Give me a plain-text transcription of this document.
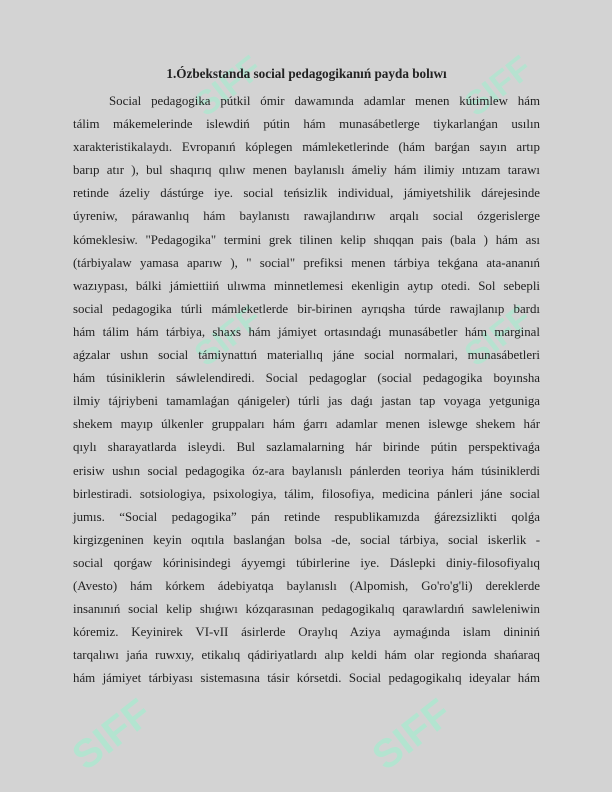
SIFF	SIFF
SIFF	SIFF
SIFF	SIFF
1.Ózbekstanda social pedagogikanıń payda bolıwı
Social pedagogika pútkil ómir dawamında adamlar menen kútimlew hám
tálim mákemelerinde islewdiń pútin hám munasábetlerge tiykarlanǵan usılın
xarakteristikalaydı. Evropanıń kóplegen mámleketlerinde (hám barǵan sayın artıp
barıp atır ), bul shaqırıq qılıw menen baylanıslı ámeliy hám ilimiy ıntızam tarawı
retinde ázeliy dástúrge iye. social teńsizlik individual, jámiyetshilik dárejesinde
úyreniw, párawanlıq hám baylanıstı rawajlandırıw arqalı social ózgerislerge
kómeklesiw. "Pedagogika" termini grek tilinen kelip shıqqan pais (bala ) hám ası
(tárbiyalaw yamasa aparıw ), " social" prefiksi menen tárbiya tekǵana ata-ananıń
wazıypası, bálki jámiettiiń ulıwma minnetlemesi ekenligin aytıp otedi. Sol sebepli
social pedagogika túrli mámleketlerde bir-birinen ayrıqsha túrde rawajlanıp bardı
hám tálim hám tárbiya, shaxs hám jámiyet ortasındaǵı munasábetler hám marginal
aǵzalar ushın social támiynattıń materiallıq jáne social normalari, munasábetleri
hám túsiniklerin sáwlelendiredi. Social pedagoglar (social pedagogika boyınsha
ilmiy tájriybeni tamamlaǵan qánigeler) túrli jas daǵı jastan tap voyaga yetguniga
shekem mayıp úlkenler gruppaları hám ǵarrı adamlar menen islewge shekem hár
qıylı sharayatlarda isleydi. Bul sazlamalarning hár birinde pútin perspektivaǵa
erisiw ushın social pedagogika óz-ara baylanıslı pánlerden teoriya hám túsiniklerdi
birlestiradi. sotsiologiya, psixologiya, tálim, filosofiya, medicina pánleri jáne social
jumıs. “Social pedagogika” pán retinde respublikamızda ǵárezsizlikti qolǵa
kirgizgeninen keyin oqıtıla baslanǵan bolsa -de, social tárbiya, social iskerlik -
social qorǵaw kórinisindegi áyyemgi túbirlerine iye. Dáslepki diniy-filosofiyalıq
(Avesto) hám kórkem ádebiyatqa baylanıslı (Alpomish, Go'ro'g'li) dereklerde
insanınıń social kelip shıǵıwı kózqarasınan pedagogikalıq qarawlardıń sawleleniwin
kóremiz. Keyinirek VI-vII ásirlerde Oraylıq Aziya aymaǵında islam dininiń
tarqalıwı jańa ruwxıy, etikalıq qádiriyatlardı alıp keldi hám olar regionda shańaraq
hám jámiyet tárbiyası sistemasına tásir kórsetdi. Social pedagogikalıq ideyalar hám
